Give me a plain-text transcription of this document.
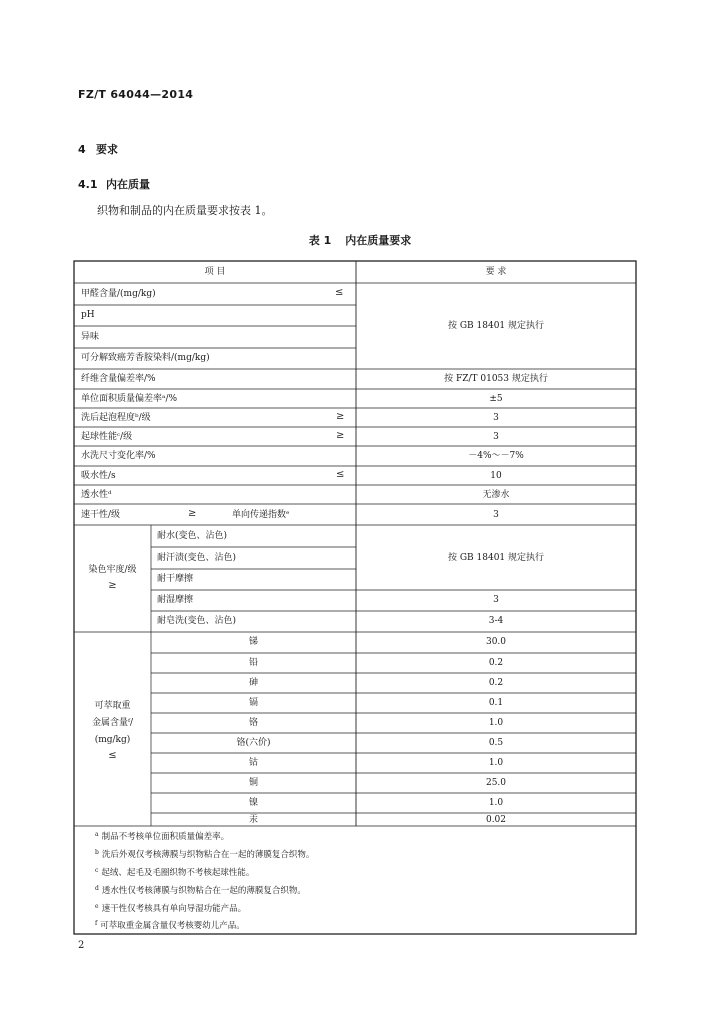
FZ/T 64044—2014
4 要求
4.1 内在质量
织物和制品的内在质量要求按表 1。
表 1 内在质量要求
项 目	要 求
甲醛含量/(mg/kg)	≤
pH
异味
可分解致癌芳香胺染料/(mg/kg)
按 GB 18401 规定执行
纤维含量偏差率/%	按 FZ/T 01053 规定执行
单位面积质量偏差率ᵃ/%	±5
洗后起泡程度ᵇ/级	≥	3
起球性能ᶜ/级	≥	3
水洗尺寸变化率/%	－4%～－7%
吸水性/s	≤	10
透水性ᵈ	无渗水
速干性/级	≥	单向传递指数ᵉ	3
染色牢度/级
≥
耐水(变色、沾色)
耐汗渍(变色、沾色)
耐干摩擦
按 GB 18401 规定执行
耐湿摩擦	3
耐皂洗(变色、沾色)	3-4
可萃取重
金属含量ᶠ/
(mg/kg)
≤
锑	30.0
铅	0.2
砷	0.2
镉	0.1
铬	1.0
铬(六价)	0.5
钴	1.0
铜	25.0
镍	1.0
汞	0.02
$^a$ 制品不考核单位面积质量偏差率。
$^b$ 洗后外观仅考核薄膜与织物粘合在一起的薄膜复合织物。
$^c$ 起绒、起毛及毛圈织物不考核起球性能。
$^d$ 透水性仅考核薄膜与织物粘合在一起的薄膜复合织物。
$^e$ 速干性仅考核具有单向导湿功能产品。
$^f$ 可萃取重金属含量仅考核婴幼儿产品。
2
